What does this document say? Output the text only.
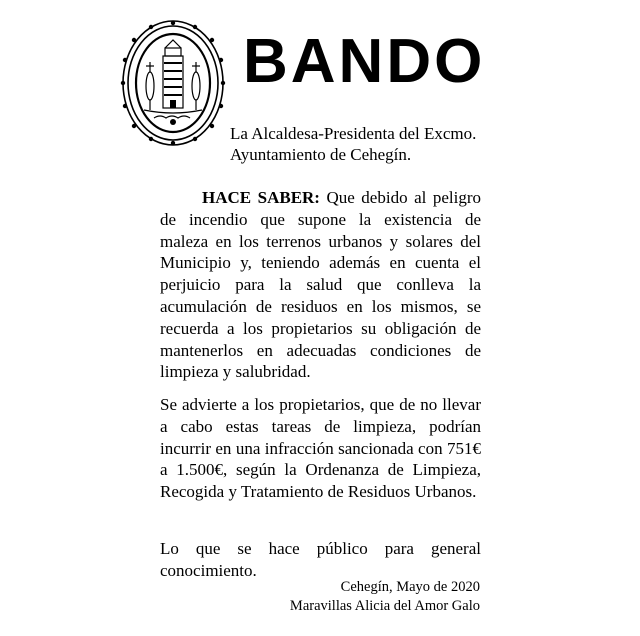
BANDO
La Alcaldesa-Presidenta del Excmo.
Ayuntamiento de Cehegín.

HACE SABER: Que debido al peligro de incendio que supone la existencia de maleza en los terrenos urbanos y solares del Municipio y, teniendo además en cuenta el perjuicio para la salud que conlleva la acumulación de residuos en los mismos, se recuerda a los propietarios su obligación de mantenerlos en adecuadas condiciones de limpieza y salubridad.

Se advierte a los propietarios, que de no llevar a cabo estas tareas de limpieza, podrían incurrir en una infracción sancionada con 751€ a 1.500€, según la Ordenanza de Limpieza, Recogida y Tratamiento de Residuos Urbanos.

Lo que se hace público para general conocimiento.

Cehegín, Mayo de 2020
Maravillas Alicia del Amor Galo
